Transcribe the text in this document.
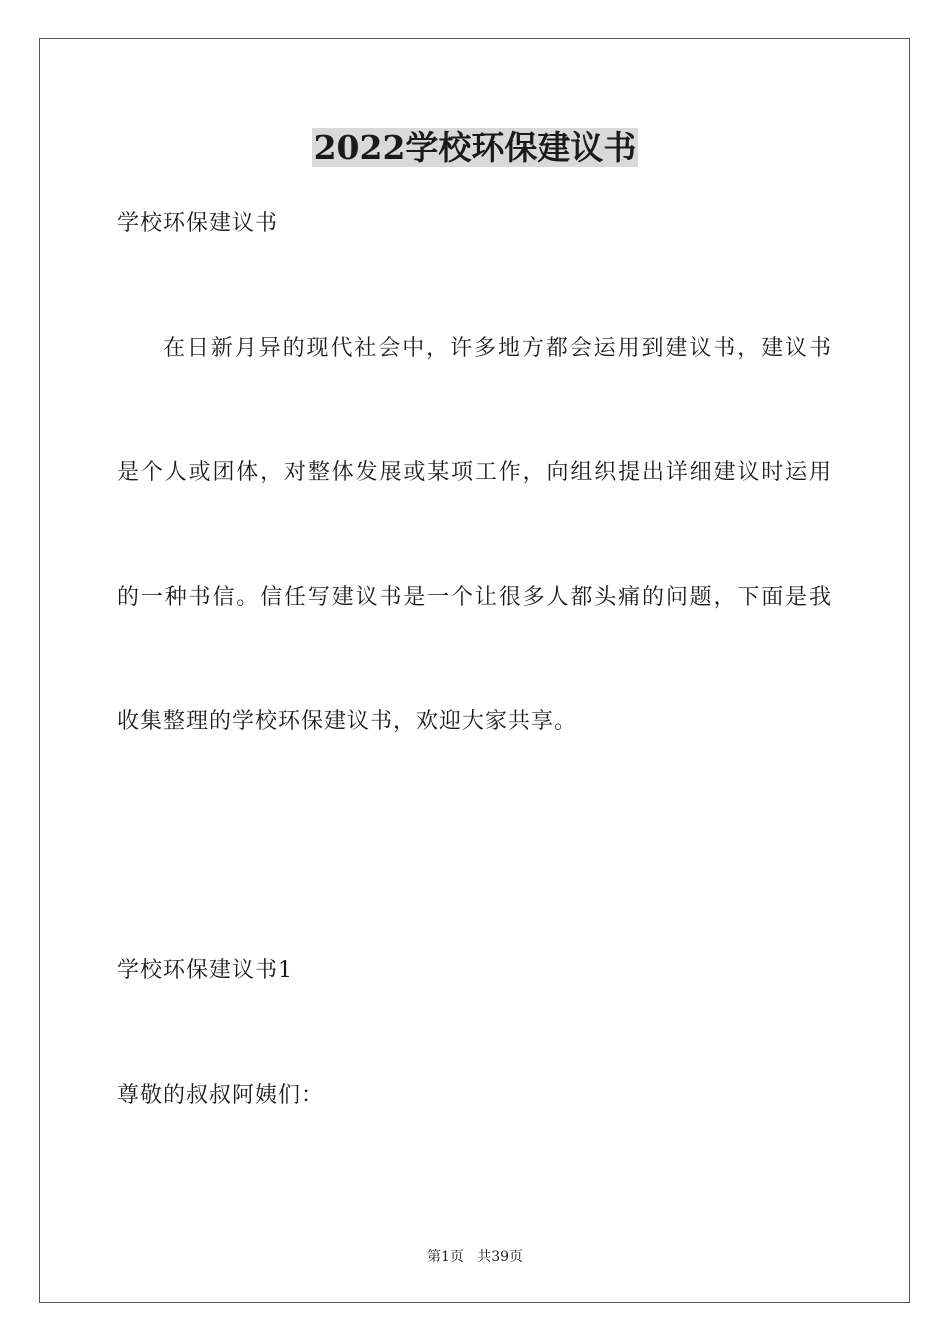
2022学校环保建议书
学校环保建议书
在日新月异的现代社会中，许多地方都会运用到建议书，建议书
是个人或团体，对整体发展或某项工作，向组织提出详细建议时运用
的一种书信。信任写建议书是一个让很多人都头痛的问题，下面是我
收集整理的学校环保建议书，欢迎大家共享。
学校环保建议书1
尊敬的叔叔阿姨们：
第1页   共39页
